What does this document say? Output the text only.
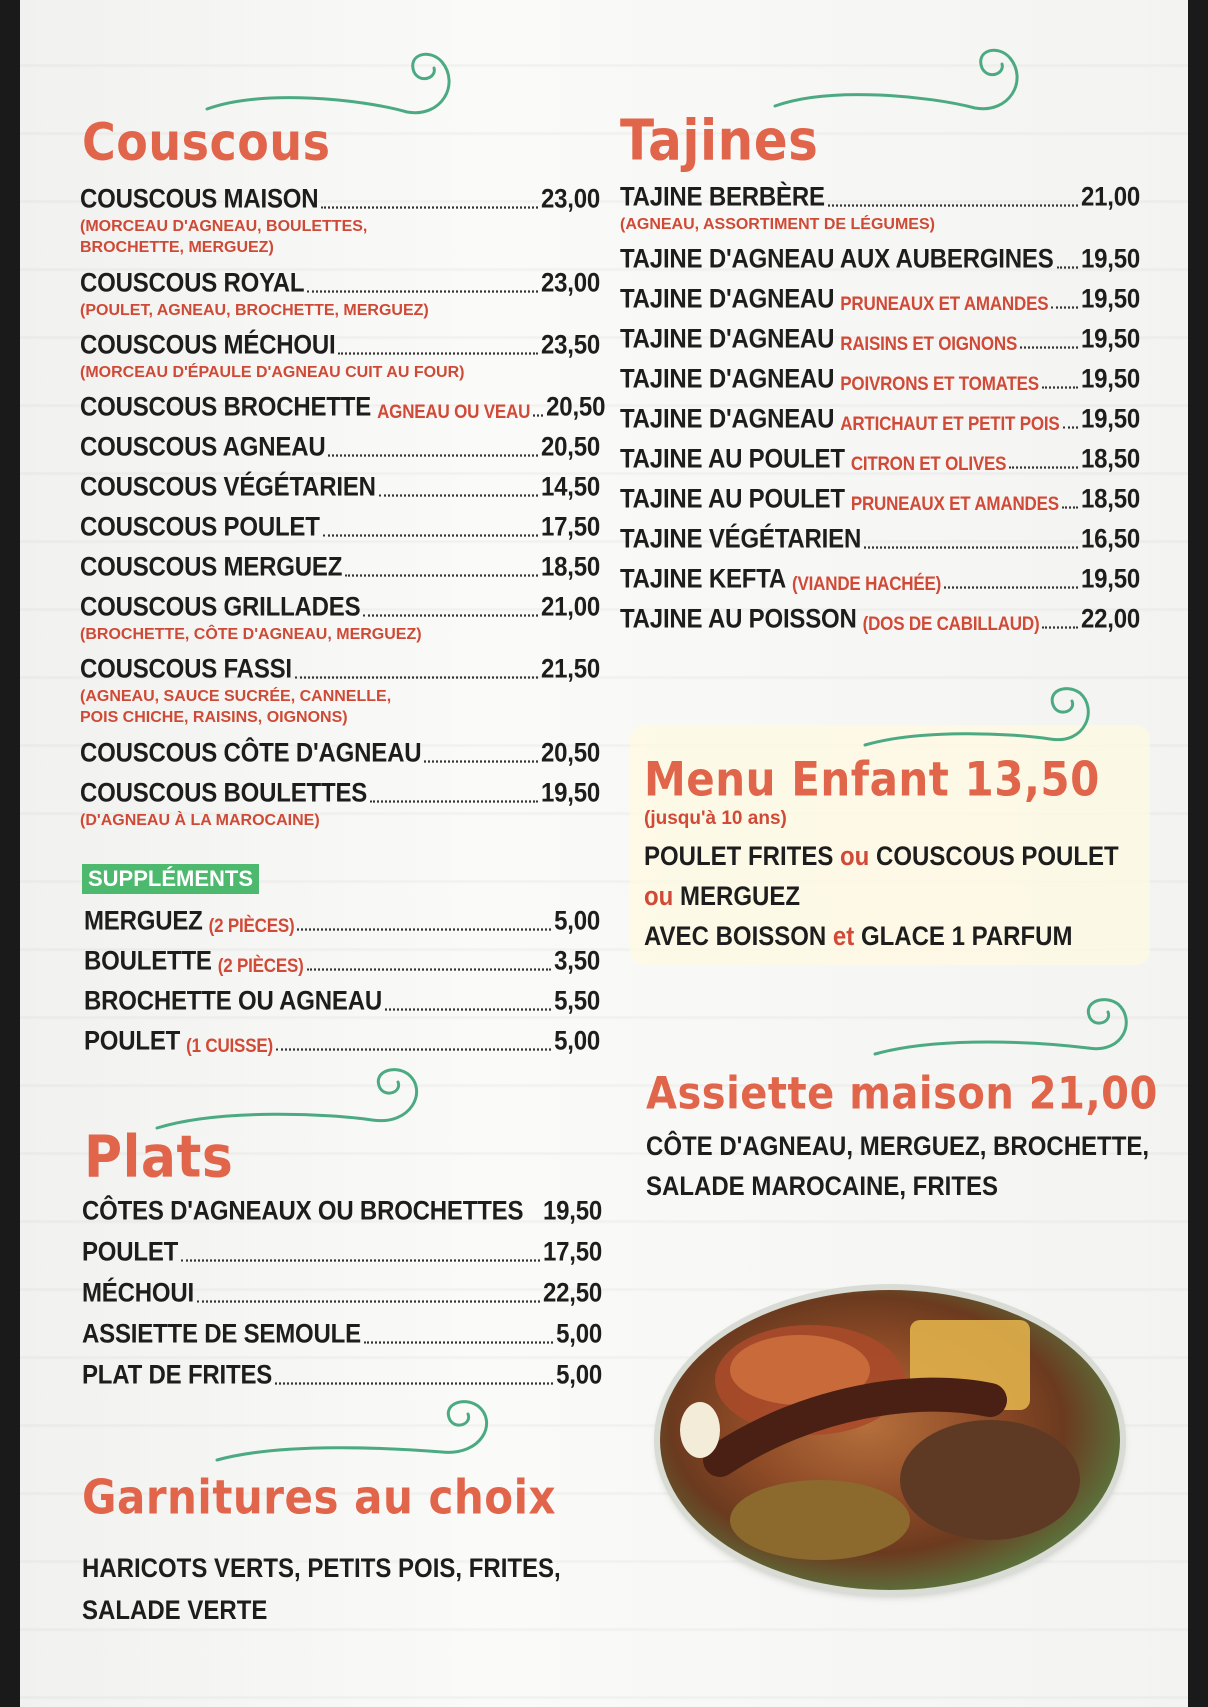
Couscous
COUSCOUS MAISON	23,00
(MORCEAU D'AGNEAU, BOULETTES,
BROCHETTE, MERGUEZ)
COUSCOUS ROYAL	23,00
(POULET, AGNEAU, BROCHETTE, MERGUEZ)
COUSCOUS MÉCHOUI	23,50
(MORCEAU D'ÉPAULE D'AGNEAU CUIT AU FOUR)
COUSCOUS BROCHETTE AGNEAU OU VEAU 20,50
COUSCOUS AGNEAU	20,50
COUSCOUS VÉGÉTARIEN	14,50
COUSCOUS POULET	17,50
COUSCOUS MERGUEZ	18,50
COUSCOUS GRILLADES	21,00
(BROCHETTE, CÔTE D'AGNEAU, MERGUEZ)
COUSCOUS FASSI	21,50
(AGNEAU, SAUCE SUCRÉE, CANNELLE,
POIS CHICHE, RAISINS, OIGNONS)
COUSCOUS CÔTE D'AGNEAU	20,50
COUSCOUS BOULETTES	19,50
(D'AGNEAU À LA MAROCAINE)
SUPPLÉMENTS
MERGUEZ (2 PIÈCES)	5,00
BOULETTE (2 PIÈCES)	3,50
BROCHETTE OU AGNEAU	5,50
POULET (1 CUISSE)	5,00
Plats
CÔTES D'AGNEAUX OU BROCHETTES 19,50
POULET	17,50
MÉCHOUI	22,50
ASSIETTE DE SEMOULE	5,00
PLAT DE FRITES	5,00
Garnitures au choix
HARICOTS VERTS, PETITS POIS, FRITES,
SALADE VERTE
Tajines
TAJINE BERBÈRE	21,00
(AGNEAU, ASSORTIMENT DE LÉGUMES)
TAJINE D'AGNEAU AUX AUBERGINES 19,50
TAJINE D'AGNEAU PRUNEAUX ET AMANDES 19,50
TAJINE D'AGNEAU RAISINS ET OIGNONS	19,50
TAJINE D'AGNEAU POIVRONS ET TOMATES 19,50
TAJINE D'AGNEAU ARTICHAUT ET PETIT POIS 19,50
TAJINE AU POULET CITRON ET OLIVES	18,50
TAJINE AU POULET PRUNEAUX ET AMANDES 18,50
TAJINE VÉGÉTARIEN	16,50
TAJINE KEFTA (VIANDE HACHÉE)	19,50
TAJINE AU POISSON (DOS DE CABILLAUD) 22,00
Menu Enfant 13,50
(jusqu'à 10 ans)
POULET FRITES ou COUSCOUS POULET
ou MERGUEZ
AVEC BOISSON et GLACE 1 PARFUM
Assiette maison 21,00
CÔTE D'AGNEAU, MERGUEZ, BROCHETTE,
SALADE MAROCAINE, FRITES
